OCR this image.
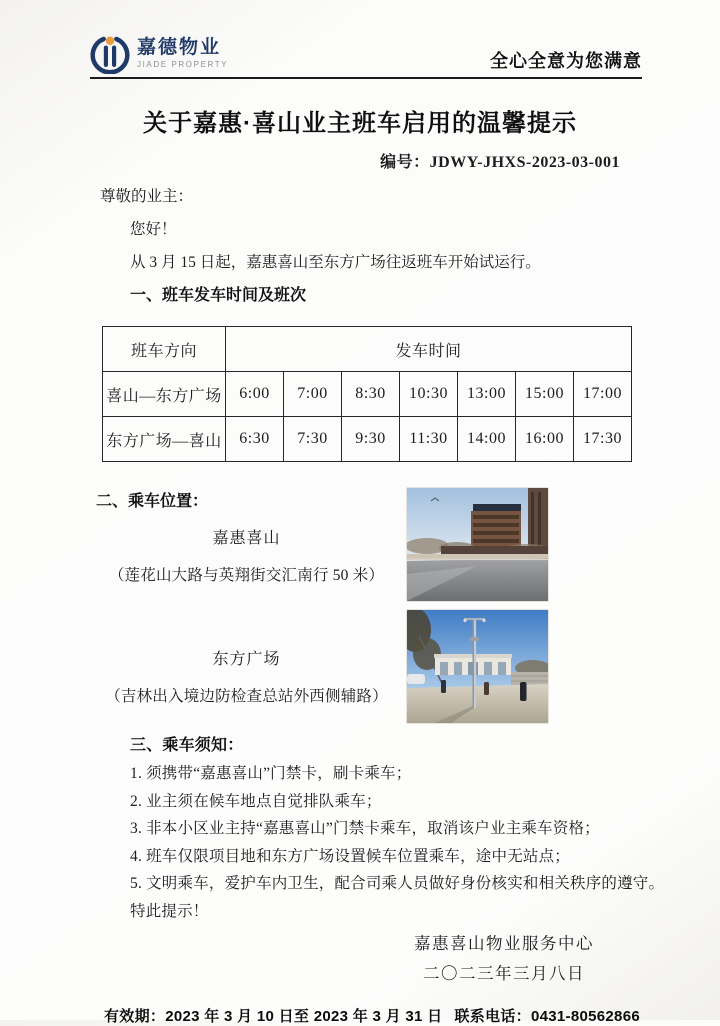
嘉德物业
JIADE PROPERTY	全心全意为您满意
关于嘉惠·喜山业主班车启用的温馨提示
编号：JDWY-JHXS-2023-03-001

尊敬的业主：

您好！

从 3 月 15 日起，嘉惠喜山至东方广场往返班车开始试运行。

一、班车发车时间及班次

班车方向	发车时间						
喜山—东方广场	6:00	7:00	8:30	10:30	13:00	15:00	17:00
东方广场—喜山	6:30	7:30	9:30	11:30	14:00	16:00	17:30
二、乘车位置：
嘉惠喜山
（莲花山大路与英翔街交汇南行 50 米）
东方广场
（吉林出入境边防检查总站外西侧辅路）

三、乘车须知：

1. 须携带“嘉惠喜山”门禁卡，刷卡乘车；

2. 业主须在候车地点自觉排队乘车；

3. 非本小区业主持“嘉惠喜山”门禁卡乘车，取消该户业主乘车资格；

4. 班车仅限项目地和东方广场设置候车位置乘车，途中无站点；

5. 文明乘车，爱护车内卫生，配合司乘人员做好身份核实和相关秩序的遵守。

特此提示！

嘉惠喜山物业服务中心
二〇二三年三月八日
有效期：2023 年 3 月 10 日至 2023 年 3 月 31 日 联系电话：0431-80562866
